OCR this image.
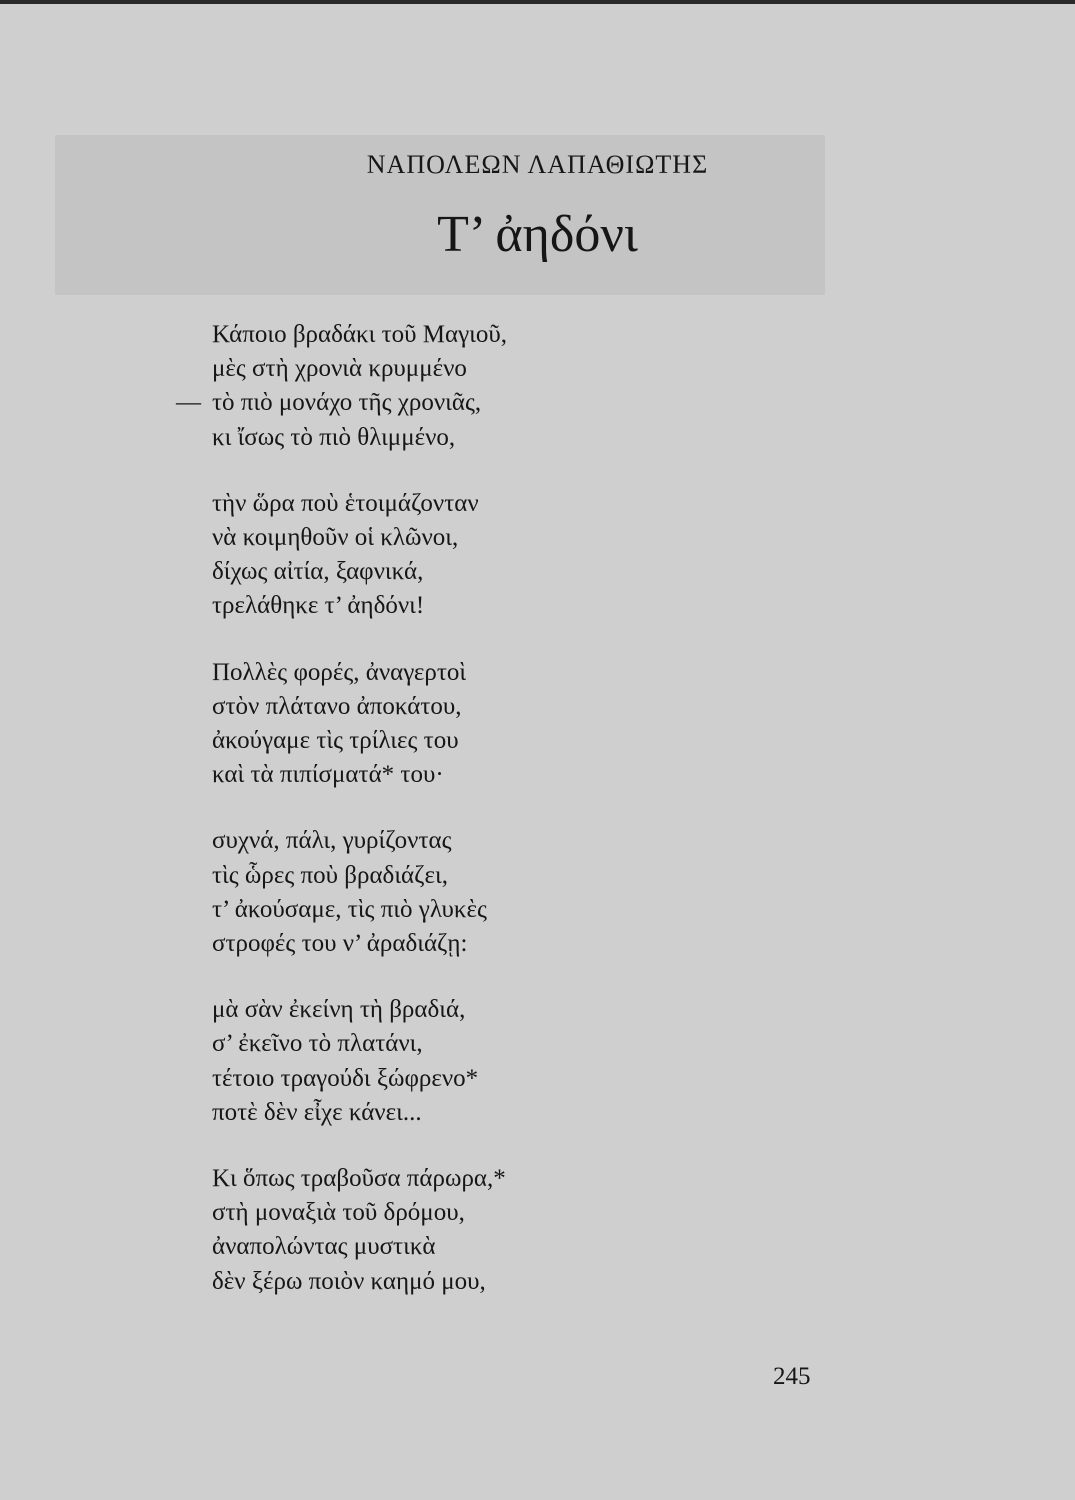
ΝΑΠΟΛΕΩΝ ΛΑΠΑΘΙΩΤΗΣ
Τ’ ἀηδόνι
Κάποιο βραδάκι τοῦ Μαγιοῦ,
μὲς στὴ χρονιὰ κρυμμένο
— τὸ πιὸ μονάχο τῆς χρονιᾶς,
κι ἴσως τὸ πιὸ θλιμμένο,
τὴν ὥρα ποὺ ἑτοιμάζονταν
νὰ κοιμηθοῦν οἱ κλῶνοι,
δίχως αἰτία, ξαφνικά,
τρελάθηκε τ’ ἀηδόνι!
Πολλὲς φορές, ἀναγερτοὶ
στὸν πλάτανο ἀποκάτου,
ἀκούγαμε τὶς τρίλιες του
καὶ τὰ πιπίσματά* του·
συχνά, πάλι, γυρίζοντας
τὶς ὧρες ποὺ βραδιάζει,
τ’ ἀκούσαμε, τὶς πιὸ γλυκὲς
στροφές του ν’ ἀραδιάζῃ:
μὰ σὰν ἐκείνη τὴ βραδιά,
σ’ ἐκεῖνο τὸ πλατάνι,
τέτοιο τραγούδι ξώφρενο*
ποτὲ δὲν εἶχε κάνει...
Κι ὅπως τραβοῦσα πάρωρα,*
στὴ μοναξιὰ τοῦ δρόμου,
ἀναπολώντας μυστικὰ
δὲν ξέρω ποιὸν καημό μου,
245
